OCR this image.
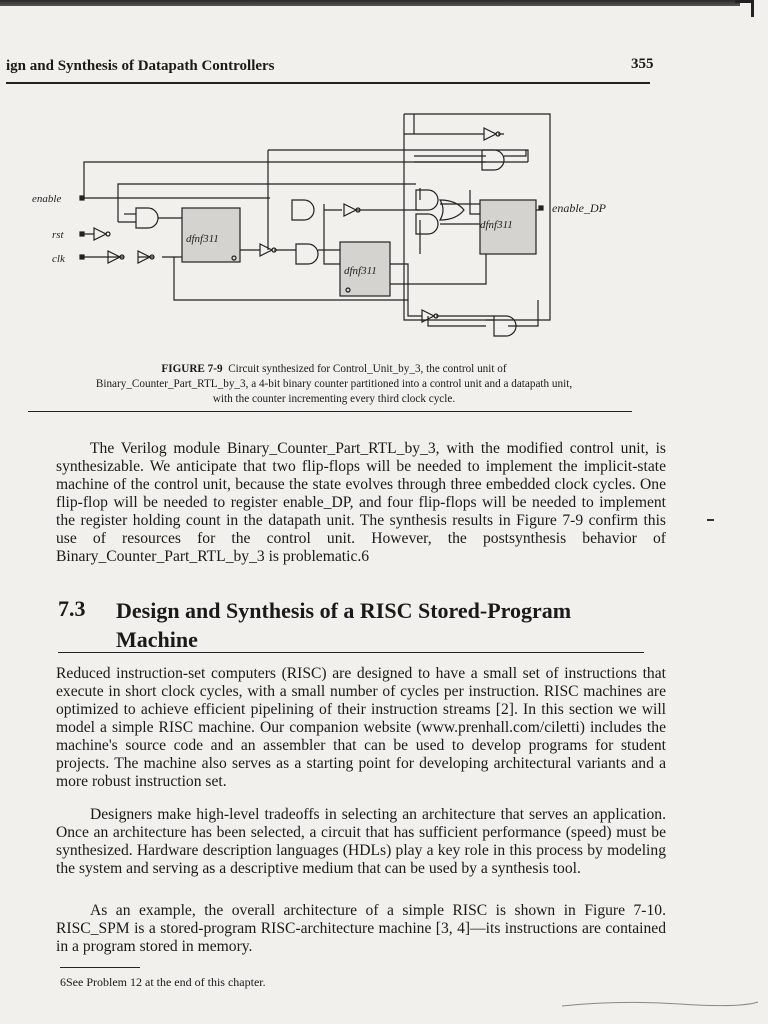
ign and Synthesis of Datapath Controllers	355
enable
rst
clk
enable_DP
dfnf311
dfnf311
dfnf311
FIGURE 7-9 Circuit synthesized for Control_Unit_by_3, the control unit of
Binary_Counter_Part_RTL_by_3, a 4-bit binary counter partitioned into a control unit and a datapath unit,
with the counter incrementing every third clock cycle.

The Verilog module Binary_Counter_Part_RTL_by_3, with the modified control unit, is synthesizable. We anticipate that two flip-flops will be needed to implement the implicit-state machine of the control unit, because the state evolves through three embedded clock cycles. One flip-flop will be needed to register enable_DP, and four flip-flops will be needed to implement the register holding count in the datapath unit. The synthesis results in Figure 7-9 confirm this use of resources for the control unit. However, the postsynthesis behavior of Binary_Counter_Part_RTL_by_3 is problematic.6

7.3 Design and Synthesis of a RISC Stored-Program Machine

Reduced instruction-set computers (RISC) are designed to have a small set of instructions that execute in short clock cycles, with a small number of cycles per instruction. RISC machines are optimized to achieve efficient pipelining of their instruction streams [2]. In this section we will model a simple RISC machine. Our companion website (www.prenhall.com/ciletti) includes the machine's source code and an assembler that can be used to develop programs for student projects. The machine also serves as a starting point for developing architectural variants and a more robust instruction set.

Designers make high-level tradeoffs in selecting an architecture that serves an application. Once an architecture has been selected, a circuit that has sufficient performance (speed) must be synthesized. Hardware description languages (HDLs) play a key role in this process by modeling the system and serving as a descriptive medium that can be used by a synthesis tool.

As an example, the overall architecture of a simple RISC is shown in Figure 7-10. RISC_SPM is a stored-program RISC-architecture machine [3, 4]—its instructions are contained in a program stored in memory.

6See Problem 12 at the end of this chapter.
